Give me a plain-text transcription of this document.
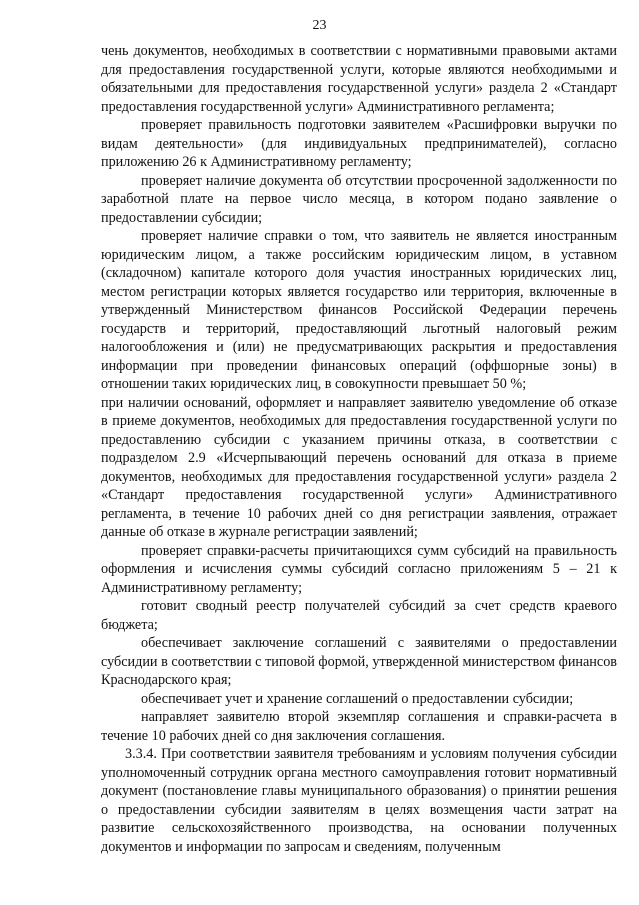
23

чень документов, необходимых в соответствии с нормативными правовыми актами для предоставления государственной услуги, которые являются необходимыми и обязательными для предоставления государственной услуги» раздела 2 «Стандарт предоставления государственной услуги» Административного регламента;

проверяет правильность подготовки заявителем «Расшифровки выручки по видам деятельности» (для индивидуальных предпринимателей), согласно приложению 26 к Административному регламенту;

проверяет наличие документа об отсутствии просроченной задолженности по заработной плате на первое число месяца, в котором подано заявление о предоставлении субсидии;

проверяет наличие справки о том, что заявитель не является иностранным юридическим лицом, а также российским юридическим лицом, в уставном (складочном) капитале которого доля участия иностранных юридических лиц, местом регистрации которых является государство или территория, включенные в утвержденный Министерством финансов Российской Федерации перечень государств и территорий, предоставляющий льготный налоговый режим налогообложения и (или) не предусматривающих раскрытия и предоставления информации при проведении финансовых операций (оффшорные зоны) в отношении таких юридических лиц, в совокупности превышает 50 %;

при наличии оснований, оформляет и направляет заявителю уведомление об отказе в приеме документов, необходимых для предоставления государственной услуги по предоставлению субсидии с указанием причины отказа, в соответствии с подразделом 2.9 «Исчерпывающий перечень оснований для отказа в приеме документов, необходимых для предоставления государственной услуги» раздела 2 «Стандарт предоставления государственной услуги» Административного регламента, в течение 10 рабочих дней со дня регистрации заявления, отражает данные об отказе в журнале регистрации заявлений;

проверяет справки-расчеты причитающихся сумм субсидий на правильность оформления и исчисления суммы субсидий согласно приложениям 5 – 21 к Административному регламенту;

готовит сводный реестр получателей субсидий за счет средств краевого бюджета;

обеспечивает заключение соглашений с заявителями о предоставлении субсидии в соответствии с типовой формой, утвержденной министерством финансов Краснодарского края;

обеспечивает учет и хранение соглашений о предоставлении субсидии;

направляет заявителю второй экземпляр соглашения и справки-расчета в течение 10 рабочих дней со дня заключения соглашения.

3.3.4. При соответствии заявителя требованиям и условиям получения субсидии уполномоченный сотрудник органа местного самоуправления готовит нормативный документ (постановление главы муниципального образования) о принятии решения о предоставлении субсидии заявителям в целях возмещения части затрат на развитие сельскохозяйственного производства, на основании полученных документов и информации по запросам и сведениям, полученным
